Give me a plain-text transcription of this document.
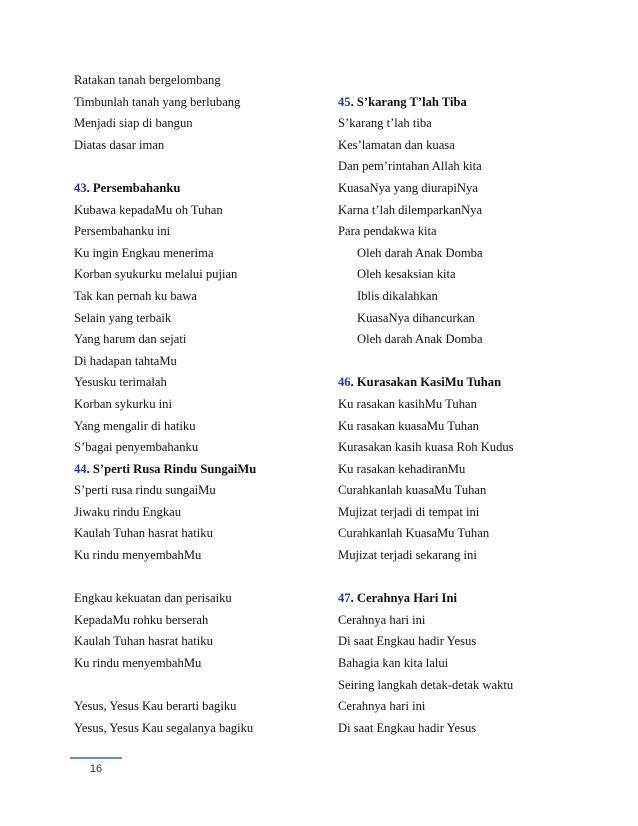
Ratakan tanah bergelombang
Timbunlah tanah yang berlubang
Menjadi siap di bangun
Diatas dasar iman
43. Persembahanku
Kubawa kepadaMu oh Tuhan
Persembahanku ini
Ku ingin Engkau menerima
Korban syukurku melalui pujian
Tak kan pernah ku bawa
Selain yang terbaik
Yang harum dan sejati
Di hadapan tahtaMu
Yesusku terimalah
Korban sykurku ini
Yang mengalir di hatiku
S’bagai penyembahanku
44. S’perti Rusa Rindu SungaiMu
S’perti rusa rindu sungaiMu
Jiwaku rindu Engkau
Kaulah Tuhan hasrat hatiku
Ku rindu menyembahMu
Engkau kekuatan dan perisaiku
KepadaMu rohku berserah
Kaulah Tuhan hasrat hatiku
Ku rindu menyembahMu
Yesus, Yesus Kau berarti bagiku
Yesus, Yesus Kau segalanya bagiku
45. S’karang T’lah Tiba
S’karang t’lah tiba
Kes’lamatan dan kuasa
Dan pem’rintahan Allah kita
KuasaNya yang diurapiNya
Karna t’lah dilemparkanNya
Para pendakwa kita
Oleh darah Anak Domba
Oleh kesaksian kita
Iblis dikalahkan
KuasaNya dihancurkan
Oleh darah Anak Domba
46. Kurasakan KasiMu Tuhan
Ku rasakan kasihMu Tuhan
Ku rasakan kuasaMu Tuhan
Kurasakan kasih kuasa Roh Kudus
Ku rasakan kehadiranMu
Curahkanlah kuasaMu Tuhan
Mujizat terjadi di tempat ini
Curahkanlah KuasaMu Tuhan
Mujizat terjadi sekarang ini
47. Cerahnya Hari Ini
Cerahnya hari ini
Di saat Engkau hadir Yesus
Bahagia kan kita lalui
Seiring langkah detak-detak waktu
Cerahnya hari ini
Di saat Engkau hadir Yesus
16
